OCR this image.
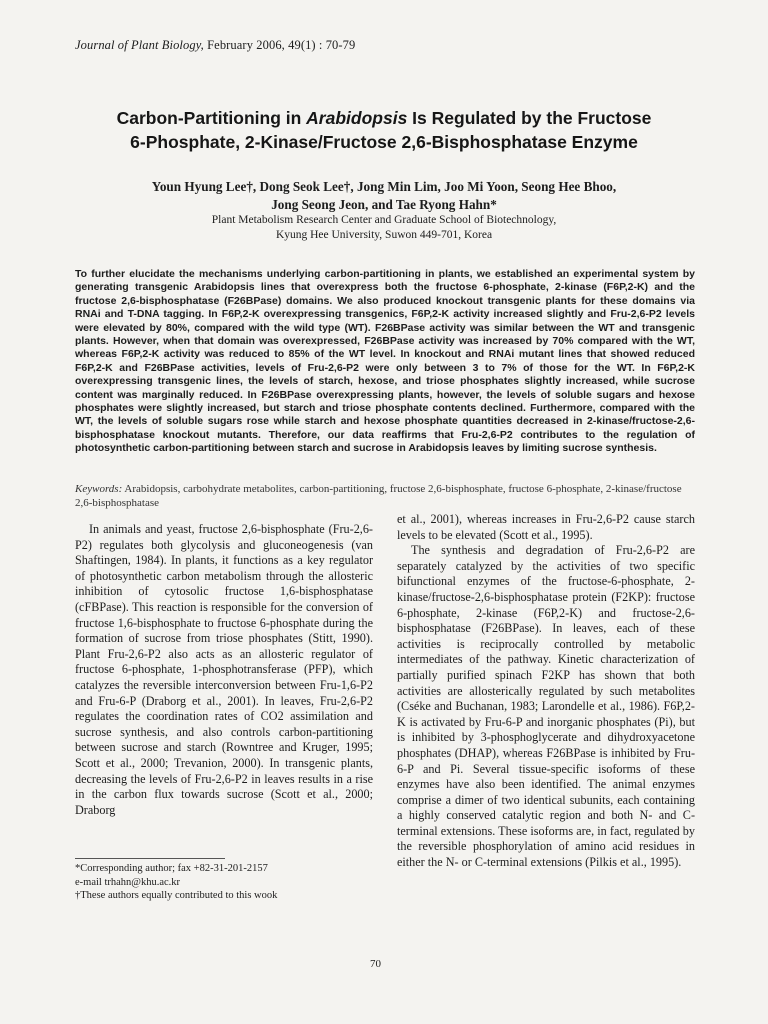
Journal of Plant Biology, February 2006, 49(1) : 70-79
Carbon-Partitioning in Arabidopsis Is Regulated by the Fructose
6-Phosphate, 2-Kinase/Fructose 2,6-Bisphosphatase Enzyme
Youn Hyung Lee†, Dong Seok Lee†, Jong Min Lim, Joo Mi Yoon, Seong Hee Bhoo,
Jong Seong Jeon, and Tae Ryong Hahn*
Plant Metabolism Research Center and Graduate School of Biotechnology,
Kyung Hee University, Suwon 449-701, Korea
To further elucidate the mechanisms underlying carbon-partitioning in plants, we established an experimental system by generating transgenic Arabidopsis lines that overexpress both the fructose 6-phosphate, 2-kinase (F6P,2-K) and the fructose 2,6-bisphosphatase (F26BPase) domains. We also produced knockout transgenic plants for these domains via RNAi and T-DNA tagging. In F6P,2-K overexpressing transgenics, F6P,2-K activity increased slightly and Fru-2,6-P2 levels were elevated by 80%, compared with the wild type (WT). F26BPase activity was similar between the WT and transgenic plants. However, when that domain was overexpressed, F26BPase activity was increased by 70% compared with the WT, whereas F6P,2-K activity was reduced to 85% of the WT level. In knockout and RNAi mutant lines that showed reduced F6P,2-K and F26BPase activities, levels of Fru-2,6-P2 were only between 3 to 7% of those for the WT. In F6P,2-K overexpressing transgenic lines, the levels of starch, hexose, and triose phosphates slightly increased, while sucrose content was marginally reduced. In F26BPase overexpressing plants, however, the levels of soluble sugars and hexose phosphates were slightly increased, but starch and triose phosphate contents declined. Furthermore, compared with the WT, the levels of soluble sugars rose while starch and hexose phosphate quantities decreased in 2-kinase/fructose-2,6-bisphosphatase knockout mutants. Therefore, our data reaffirms that Fru-2,6-P2 contributes to the regulation of photosynthetic carbon-partitioning between starch and sucrose in Arabidopsis leaves by limiting sucrose synthesis.
Keywords: Arabidopsis, carbohydrate metabolites, carbon-partitioning, fructose 2,6-bisphosphate, fructose 6-phosphate, 2-kinase/fructose 2,6-bisphosphatase

In animals and yeast, fructose 2,6-bisphosphate (Fru-2,6-P2) regulates both glycolysis and gluconeogenesis (van Shaftingen, 1984). In plants, it functions as a key regulator of photosynthetic carbon metabolism through the allosteric inhibition of cytosolic fructose 1,6-bisphosphatase (cFBPase). This reaction is responsible for the conversion of fructose 1,6-bisphosphate to fructose 6-phosphate during the formation of sucrose from triose phosphates (Stitt, 1990). Plant Fru-2,6-P2 also acts as an allosteric regulator of fructose 6-phosphate, 1-phosphotransferase (PFP), which catalyzes the reversible interconversion between Fru-1,6-P2 and Fru-6-P (Draborg et al., 2001). In leaves, Fru-2,6-P2 regulates the coordination rates of CO2 assimilation and sucrose synthesis, and also controls carbon-partitioning between sucrose and starch (Rowntree and Kruger, 1995; Scott et al., 2000; Trevanion, 2000). In transgenic plants, decreasing the levels of Fru-2,6-P2 in leaves results in a rise in the carbon flux towards sucrose (Scott et al., 2000; Draborg

et al., 2001), whereas increases in Fru-2,6-P2 cause starch levels to be elevated (Scott et al., 1995).

The synthesis and degradation of Fru-2,6-P2 are separately catalyzed by the activities of two specific bifunctional enzymes of the fructose-6-phosphate, 2-kinase/fructose-2,6-bisphosphatase protein (F2KP): fructose 6-phosphate, 2-kinase (F6P,2-K) and fructose-2,6-bisphosphatase (F26BPase). In leaves, each of these activities is reciprocally controlled by metabolic intermediates of the pathway. Kinetic characterization of partially purified spinach F2KP has shown that both activities are allosterically regulated by such metabolites (Cséke and Buchanan, 1983; Larondelle et al., 1986). F6P,2-K is activated by Fru-6-P and inorganic phosphates (Pi), but is inhibited by 3-phosphoglycerate and dihydroxyacetone phosphates (DHAP), whereas F26BPase is inhibited by Fru-6-P and Pi. Several tissue-specific isoforms of these enzymes have also been identified. The animal enzymes comprise a dimer of two identical subunits, each containing a highly conserved catalytic region and both N- and C-terminal extensions. These isoforms are, in fact, regulated by the reversible phosphorylation of amino acid residues in either the N- or C-terminal extensions (Pilkis et al., 1995).

*Corresponding author; fax +82-31-201-2157
e-mail trhahn@khu.ac.kr
†These authors equally contributed to this wook
70
